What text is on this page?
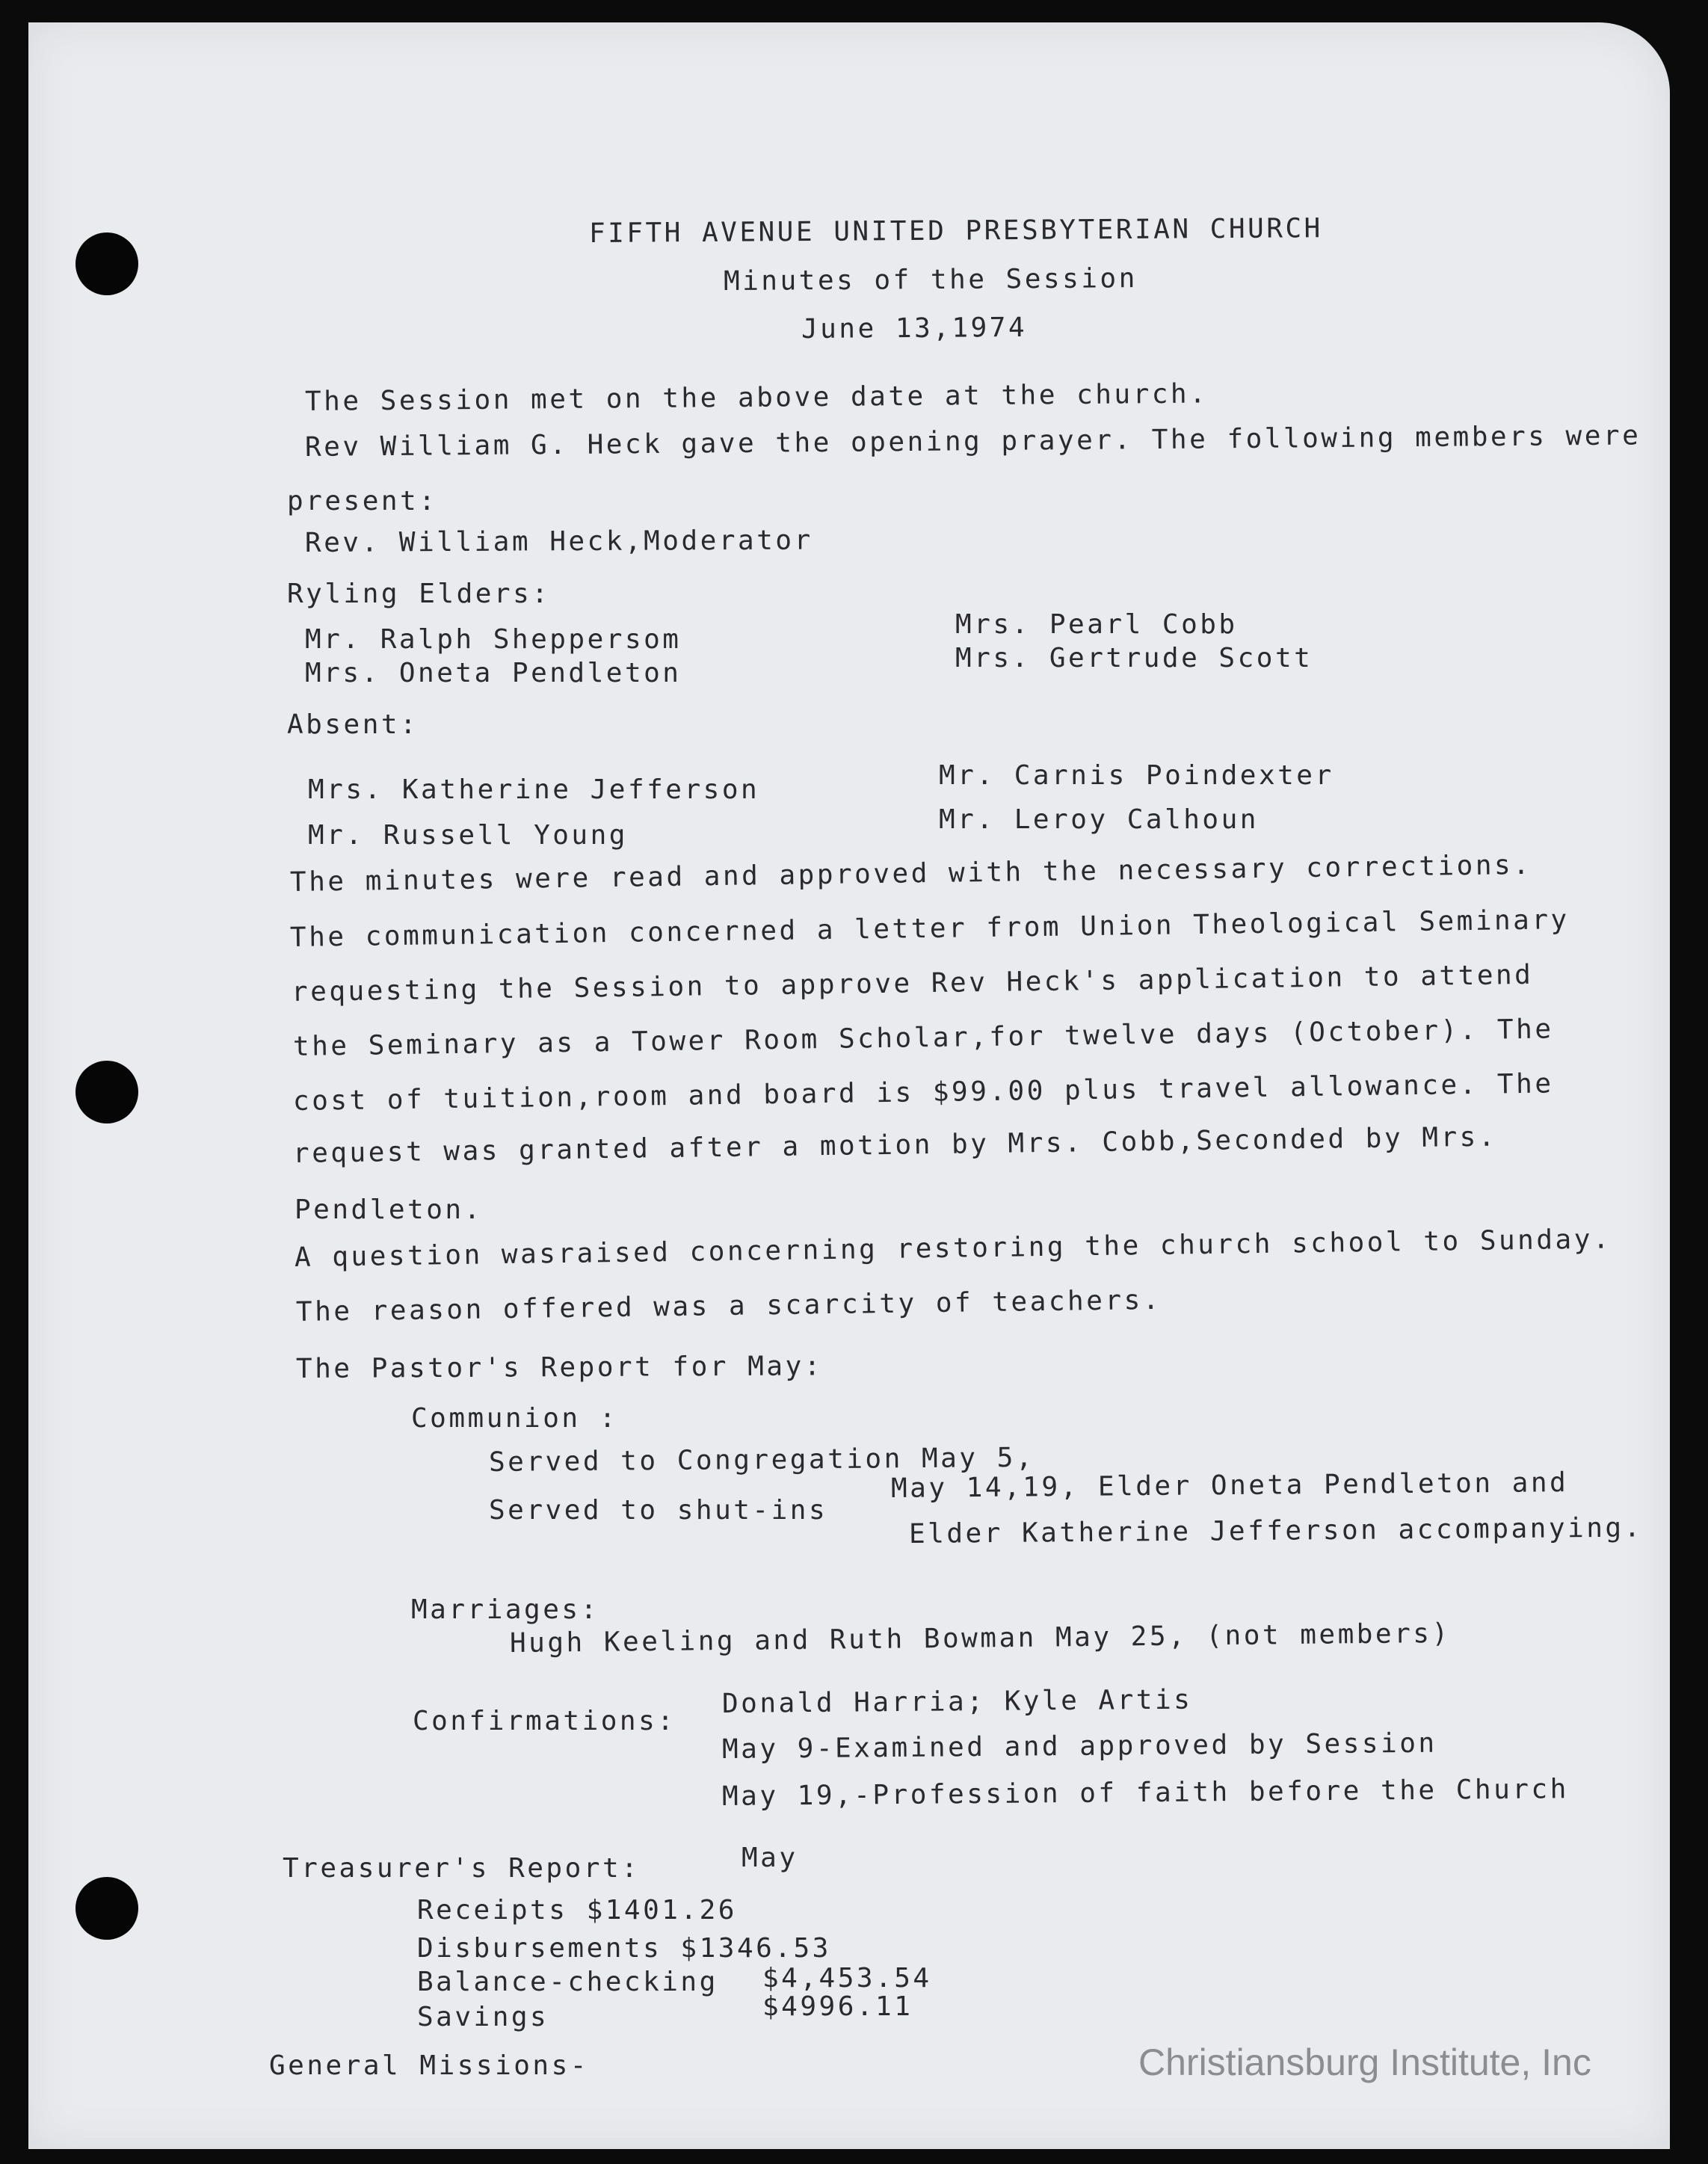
FIFTH AVENUE UNITED PRESBYTERIAN CHURCH
Minutes of the Session
June 13,1974
The Session met on the above date at the church.
Rev William G. Heck gave the opening prayer. The following members were
present:
Rev. William Heck,Moderator
Ryling Elders:
Mr. Ralph Sheppersom
Mrs. Oneta Pendleton
Mrs. Pearl Cobb
Mrs. Gertrude Scott
Absent:
Mrs. Katherine Jefferson
Mr. Russell Young
Mr. Carnis Poindexter
Mr. Leroy Calhoun
The minutes were read and approved with the necessary corrections.
The communication concerned a letter from Union Theological Seminary
requesting the Session to approve Rev Heck's application to attend
the Seminary as a Tower Room Scholar,for twelve days (October). The
cost of tuition,room and board is $99.00 plus travel allowance. The
request was granted after a motion by Mrs. Cobb,Seconded by Mrs.
Pendleton.
A question wasraised concerning restoring the church school to Sunday.
The reason offered was a scarcity of teachers.
The Pastor's Report for May:
Communion :
Served to Congregation May 5,
Served to shut-ins
May 14,19, Elder Oneta Pendleton and
Elder Katherine Jefferson accompanying.
Marriages:
Hugh Keeling and Ruth Bowman May 25, (not members)
Confirmations:
Donald Harria; Kyle Artis
May 9-Examined and approved by Session
May 19,-Profession of faith before the Church
Treasurer's Report:	May
Receipts $1401.26
Disbursements $1346.53
Balance-checking $4,453.54
Savings	$4996.11
General Missions-	Christiansburg Institute, Inc
